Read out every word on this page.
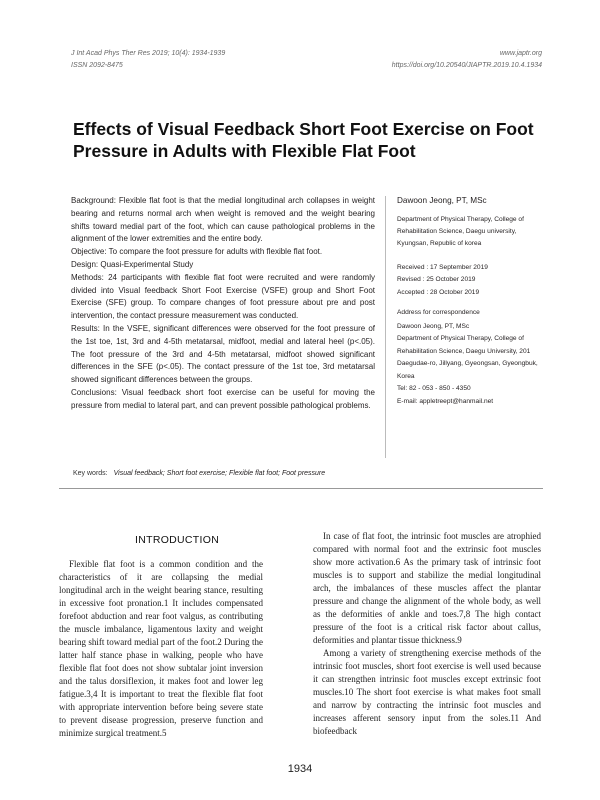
J Int Acad Phys Ther Res 2019; 10(4): 1934-1939
ISSN 2092-8475
www.japtr.org
https://doi.org/10.20540/JIAPTR.2019.10.4.1934
Effects of Visual Feedback Short Foot Exercise on Foot Pressure in Adults with Flexible Flat Foot

Background: Flexible flat foot is that the medial longitudinal arch collapses in weight bearing and returns normal arch when weight is removed and the weight bearing shifts toward medial part of the foot, which can cause pathological problems in the alignment of the lower extremities and the entire body.

Objective: To compare the foot pressure for adults with flexible flat foot.

Design: Quasi-Experimental Study

Methods: 24 participants with flexible flat foot were recruited and were randomly divided into Visual feedback Short Foot Exercise (VSFE) group and Short Foot Exercise (SFE) group. To compare changes of foot pressure about pre and post intervention, the contact pressure measurement was conducted.

Results: In the VSFE, significant differences were observed for the foot pressure of the 1st toe, 1st, 3rd and 4-5th metatarsal, midfoot, medial and lateral heel (p<.05). The foot pressure of the 3rd and 4-5th metatarsal, midfoot showed significant differences in the SFE (p<.05). The contact pressure of the 1st toe, 3rd metatarsal showed significant differences between the groups.

Conclusions: Visual feedback short foot exercise can be useful for moving the pressure from medial to lateral part, and can prevent possible pathological problems.

Dawoon Jeong, PT, MSc
Department of Physical Therapy, College of Rehabilitation Science, Daegu university, Kyungsan, Republic of korea
Received : 17 September 2019
Revised : 25 October 2019
Accepted : 28 October 2019
Address for correspondence
Dawoon Jeong, PT, MSc
Department of Physical Therapy, College of Rehabilitation Science, Daegu University, 201 Daegudae-ro, Jillyang, Gyeongsan, Gyeongbuk, Korea
Tel: 82 - 053 - 850 - 4350
E-mail: appletreept@hanmail.net
Key words: Visual feedback; Short foot exercise; Flexible flat foot; Foot pressure
INTRODUCTION

Flexible flat foot is a common condition and the characteristics of it are collapsing the medial longitudinal arch in the weight bearing stance, resulting in excessive foot pronation.1 It includes compensated forefoot abduction and rear foot valgus, as contributing the muscle imbalance, ligamentous laxity and weight bearing shift toward medial part of the foot.2 During the latter half stance phase in walking, people who have flexible flat foot does not show subtalar joint inversion and the talus dorsiflexion, it makes foot and lower leg fatigue.3,4 It is important to treat the flexible flat foot with appropriate intervention before being severe state to prevent disease progression, preserve function and minimize surgical treatment.5

In case of flat foot, the intrinsic foot muscles are atrophied compared with normal foot and the extrinsic foot muscles show more activation.6 As the primary task of intrinsic foot muscles is to support and stabilize the medial longitudinal arch, the imbalances of these muscles affect the plantar pressure and change the alignment of the whole body, as well as the deformities of ankle and toes.7,8 The high contact pressure of the foot is a critical risk factor about callus, deformities and plantar tissue thickness.9

Among a variety of strengthening exercise methods of the intrinsic foot muscles, short foot exercise is well used because it can strengthen intrinsic foot muscles except extrinsic foot muscles.10 The short foot exercise is what makes foot small and narrow by contracting the intrinsic foot muscles and increases afferent sensory input from the soles.11 And biofeedback

1934
